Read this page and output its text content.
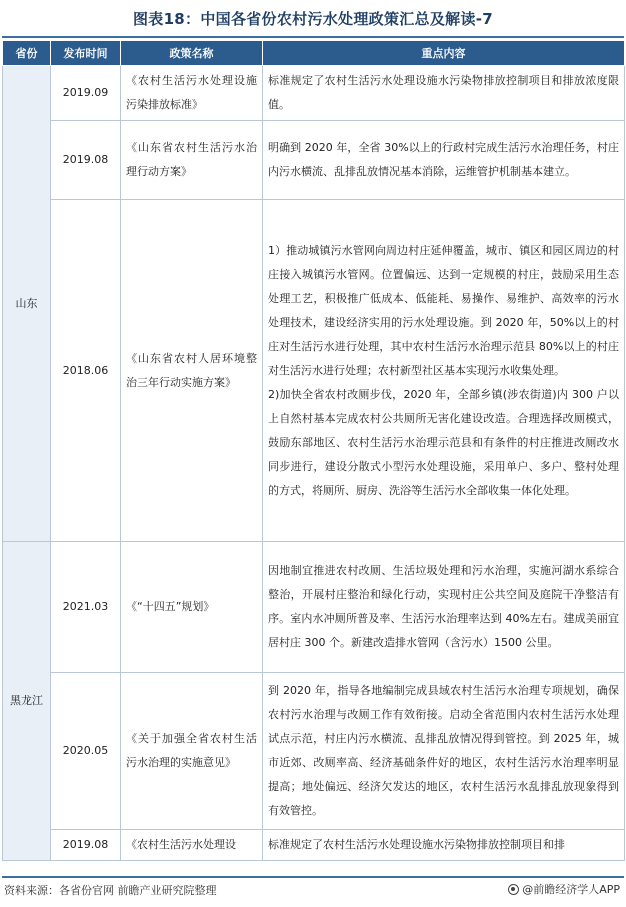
图表18：中国各省份农村污水处理政策汇总及解读-7
省份	发布时间	政策名称	重点内容
山东	2019.09	《农村生活污水处理设施污染排放标准》	标准规定了农村生活污水处理设施水污染物排放控制项目和排放浓度限值。

	2019.08	《山东省农村生活污水治理行动方案》	明确到 2020 年，全省 30%以上的行政村完成生活污水治理任务，村庄内污水横流、乱排乱放情况基本消除，运维管护机制基本建立。

	2018.06	《山东省农村人居环境整治三年行动实施方案》	1）推动城镇污水管网向周边村庄延伸覆盖，城市、镇区和园区周边的村庄接入城镇污水管网。位置偏远、达到一定规模的村庄，鼓励采用生态处理工艺，积极推广低成本、低能耗、易操作、易维护、高效率的污水处理技术，建设经济实用的污水处理设施。到 2020 年，50%以上的村庄对生活污水进行处理，其中农村生活污水治理示范县 80%以上的村庄对生活污水进行处理；农村新型社区基本实现污水收集处理。
2)加快全省农村改厕步伐，2020 年，全部乡镇(涉农街道)内 300 户以上自然村基本完成农村公共厕所无害化建设改造。合理选择改厕模式，鼓励东部地区、农村生活污水治理示范县和有条件的村庄推进改厕改水同步进行，建设分散式小型污水处理设施，采用单户、多户、整村处理的方式，将厕所、厨房、洗浴等生活污水全部收集一体化处理。

黑龙江	2021.03	《“十四五”规划》	因地制宜推进农村改厕、生活垃圾处理和污水治理，实施河湖水系综合整治，开展村庄整治和绿化行动，实现村庄公共空间及庭院干净整洁有序。室内水冲厕所普及率、生活污水治理率达到 40%左右。建成美丽宜居村庄 300 个。新建改造排水管网（含污水）1500 公里。

	2020.05	《关于加强全省农村生活污水治理的实施意见》	到 2020 年，指导各地编制完成县域农村生活污水治理专项规划，确保农村污水治理与改厕工作有效衔接。启动全省范围内农村生活污水处理试点示范，村庄内污水横流、乱排乱放情况得到管控。到 2025 年，城市近郊、改厕率高、经济基础条件好的地区，农村生活污水治理率明显提高；地处偏远、经济欠发达的地区，农村生活污水乱排乱放现象得到有效管控。

	2019.08	《农村生活污水处理设	标准规定了农村生活污水处理设施水污染物排放控制项目和排
资料来源：各省份官网 前瞻产业研究院整理	@前瞻经济学人APP
